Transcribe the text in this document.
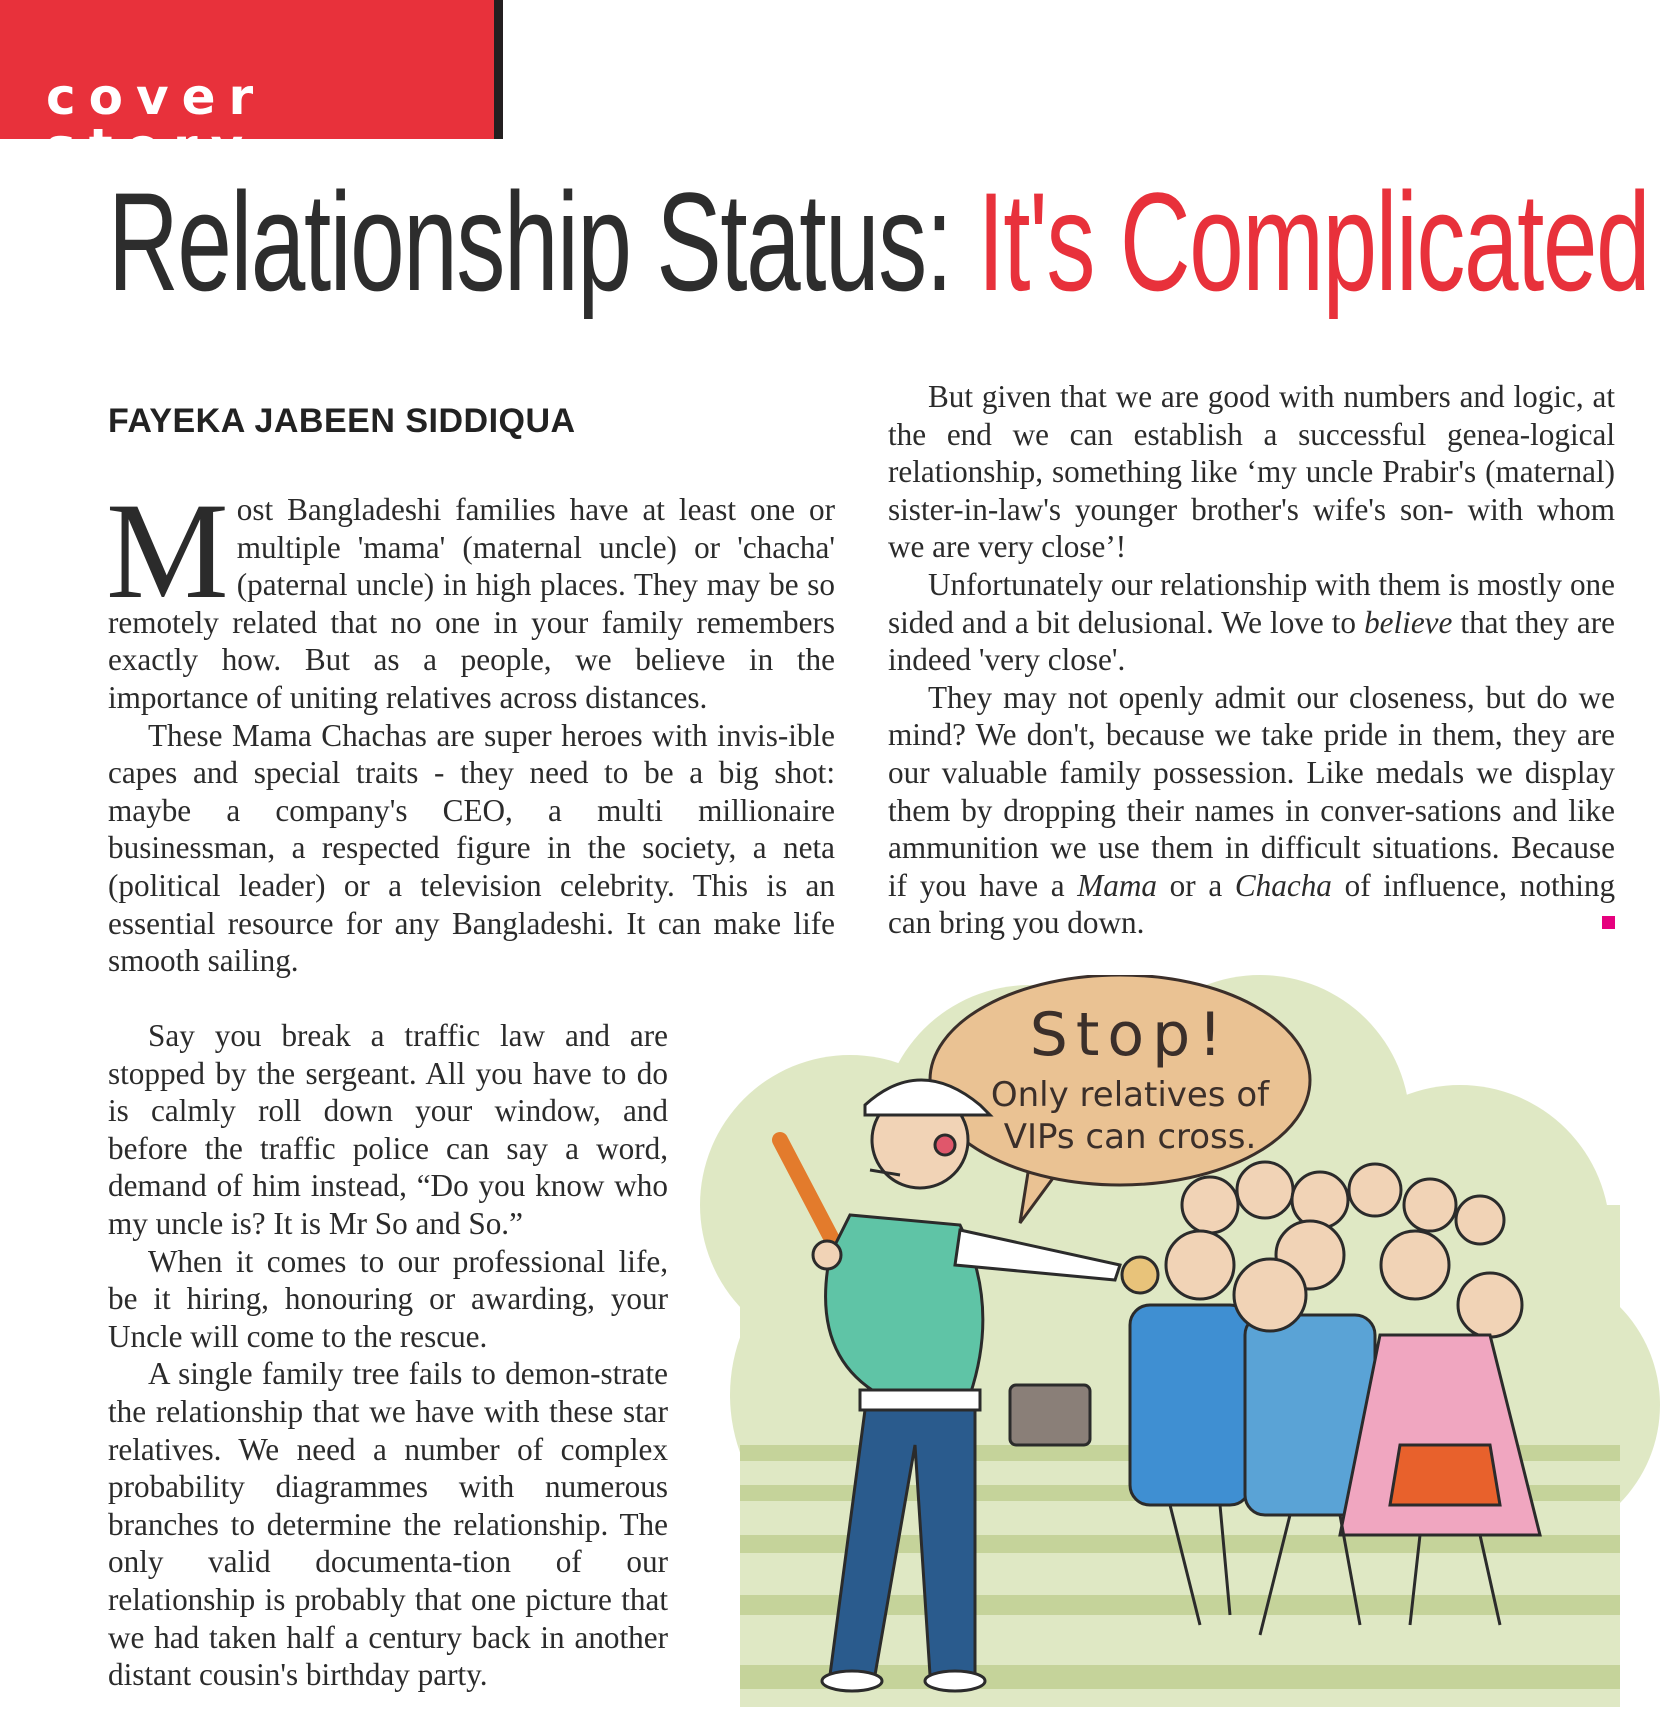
cover story
Relationship Status: It's Complicated
FAYEKA JABEEN SIDDIQUA

Most Bangladeshi families have at least one or multiple 'mama' (maternal uncle) or 'chacha' (paternal uncle) in high places. They may be so remotely related that no one in your family remembers exactly how. But as a people, we believe in the importance of uniting relatives across distances.

These Mama Chachas are super heroes with invis-ible capes and special traits - they need to be a big shot: maybe a company's CEO, a multi millionaire businessman, a respected figure in the society, a neta (political leader) or a television celebrity. This is an essential resource for any Bangladeshi. It can make life smooth sailing.

Say you break a traffic law and are stopped by the sergeant. All you have to do is calmly roll down your window, and before the traffic police can say a word, demand of him instead, “Do you know who my uncle is? It is Mr So and So.”

When it comes to our professional life, be it hiring, honouring or awarding, your Uncle will come to the rescue.

A single family tree fails to demon-strate the relationship that we have with these star relatives. We need a number of complex probability diagrammes with numerous branches to determine the relationship. The only valid documenta-tion of our relationship is probably that one picture that we had taken half a century back in another distant cousin's birthday party.

But given that we are good with numbers and logic, at the end we can establish a successful genea-logical relationship, something like ‘my uncle Prabir's (maternal) sister-in-law's younger brother's wife's son- with whom we are very close’!

Unfortunately our relationship with them is mostly one sided and a bit delusional. We love to believe that they are indeed 'very close'.

They may not openly admit our closeness, but do we mind? We don't, because we take pride in them, they are our valuable family possession. Like medals we display them by dropping their names in conver-sations and like ammunition we use them in difficult situations. Because if you have a Mama or a Chacha of influence, nothing can bring you down.

Stop!
Only relatives of
VIPs can cross.
